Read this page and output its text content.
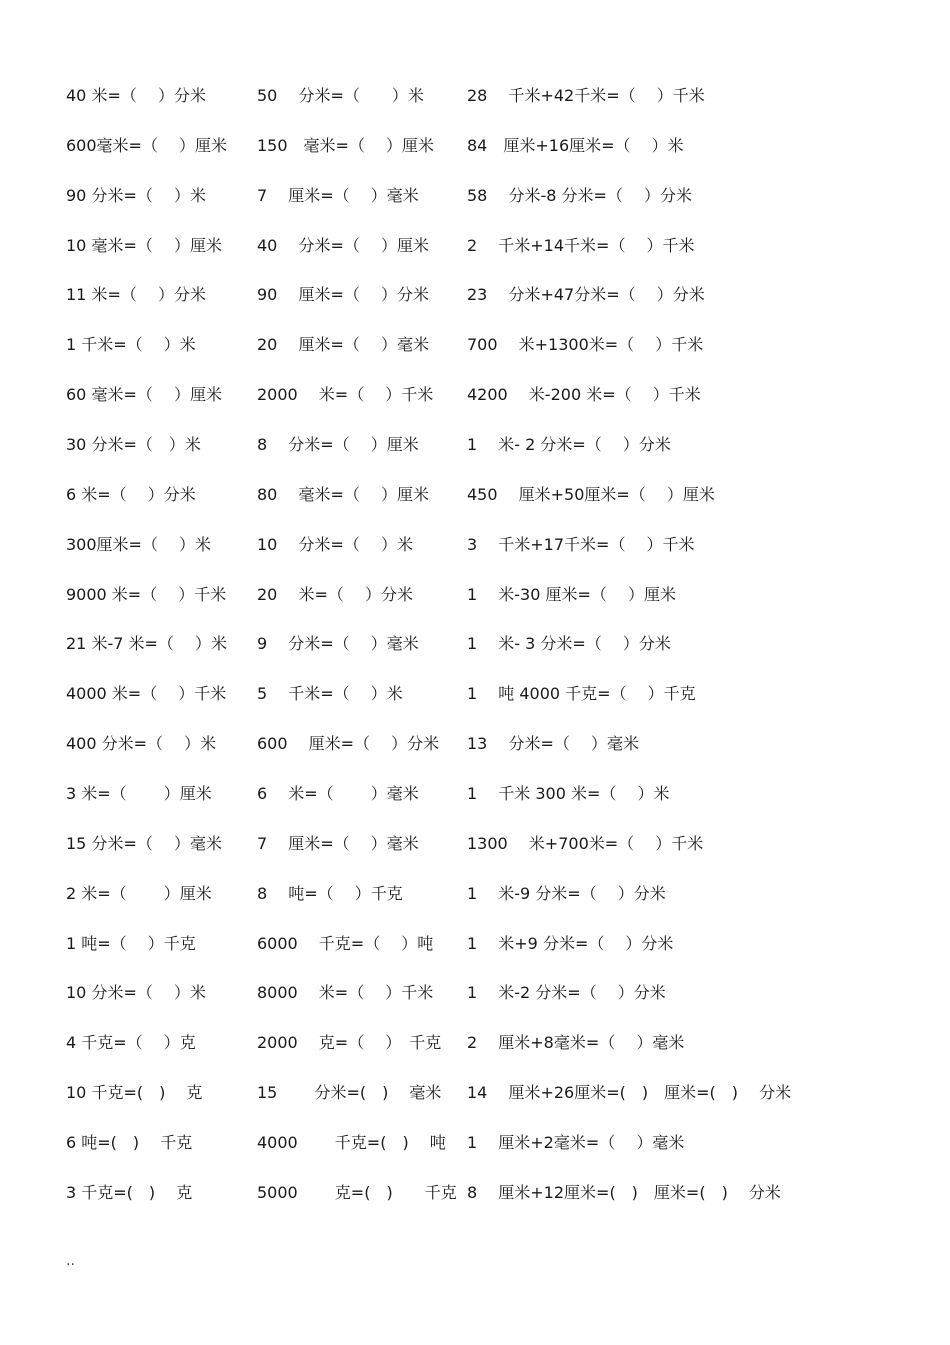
40 米=（　 ）分米	50　 分米=（　　）米	28　 千米+42千米=（　 ）千米
600毫米=（　 ）厘米 150　毫米=（　 ）厘米 84　厘米+16厘米=（　 ）米
90 分米=（　 ）米	7　 厘米=（　 ）毫米	58　 分米-8 分米=（　 ）分米
10 毫米=（　 ）厘米 40　 分米=（　 ）厘米 2　 千米+14千米=（　 ）千米
11 米=（　 ）分米	90　 厘米=（　 ）分米 23　 分米+47分米=（　 ）分米
1 千米=（　 ）米	20　 厘米=（　 ）毫米 700　 米+1300米=（　 ）千米
60 毫米=（　 ）厘米 2000　 米=（　 ）千米 4200　 米-200 米=（　 ）千米
30 分米=（　）米	8　 分米=（　 ）厘米	1　 米- 2 分米=（　 ）分米
6 米=（　 ）分米	80　 毫米=（　 ）厘米 450　 厘米+50厘米=（　 ）厘米
300厘米=（　 ）米	10　 分米=（　 ）米	3　 千米+17千米=（　 ）千米
9000 米=（　 ）千米 20　 米=（　 ）分米	1　 米-30 厘米=（　 ）厘米
21 米-7 米=（　 ）米 9　 分米=（　 ）毫米	1　 米- 3 分米=（　 ）分米
4000 米=（　 ）千米 5　 千米=（　 ）米	1　 吨 4000 千克=（　 ）千克
400 分米=（　 ）米	600　 厘米=（　 ）分米 13　 分米=（　 ）毫米
3 米=（　　 ）厘米	6　 米=（　　 ）毫米	1　 千米 300 米=（　 ）米
15 分米=（　 ）毫米 7　 厘米=（　 ）毫米	1300　 米+700米=（　 ）千米
2 米=（　　 ）厘米	8　 吨=（　 ）千克	1　 米-9 分米=（　 ）分米
1 吨=（　 ）千克	6000　 千克=（　 ）吨 1　 米+9 分米=（　 ）分米
10 分米=（　 ）米	8000　 米=（　 ）千米 1　 米-2 分米=（　 ）分米
4 千克=（　 ）克	2000　 克=（　 ）　千克 2　 厘米+8毫米=（　 ）毫米
10 千克=(　)　 克	15　　 分米=(　)　 毫米 14　 厘米+26厘米=(　)　厘米=(　)　 分米
6 吨=(　)　 千克	4000　　 千克=(　)　 吨 1　 厘米+2毫米=（　 ）毫米
3 千克=(　)　 克	5000　　 克=(　)　　千克 8　 厘米+12厘米=(　)　厘米=(　)　 分米
..
